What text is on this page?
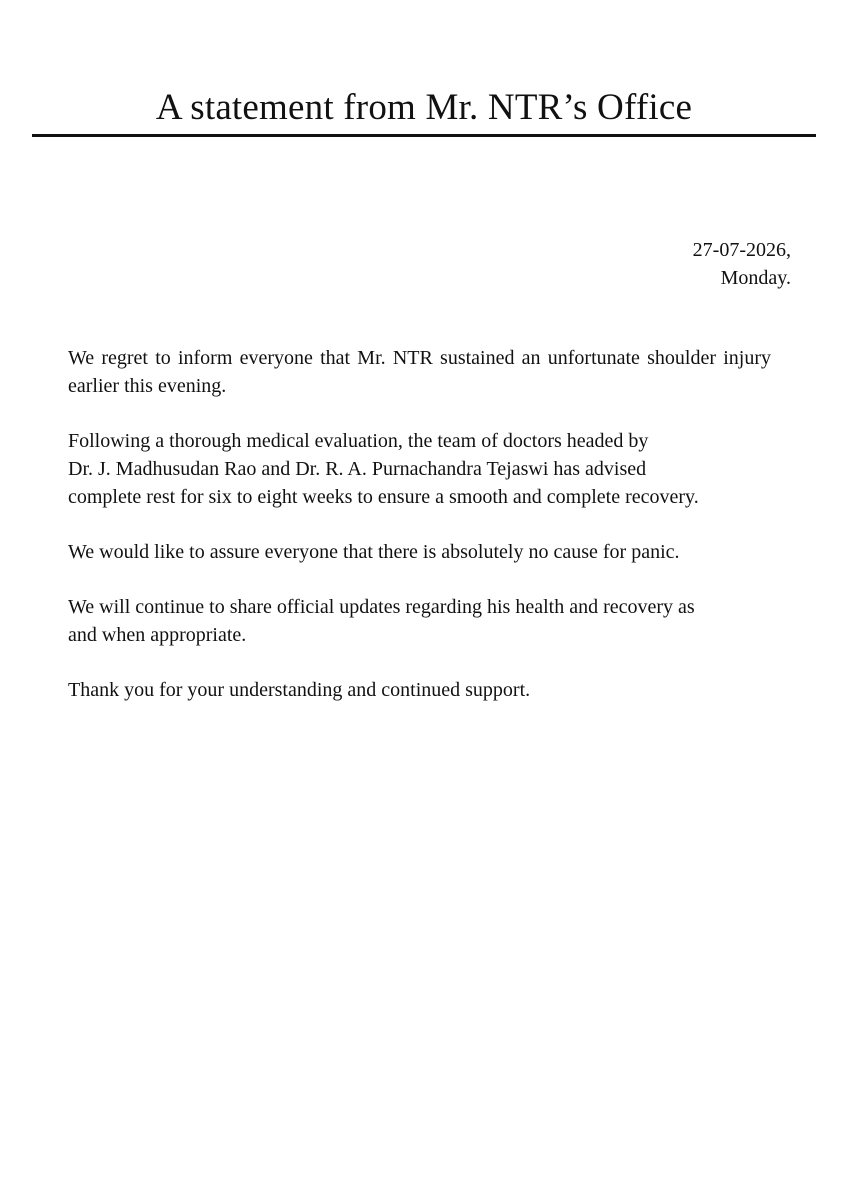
A statement from Mr. NTR’s Office
27-07-2026,
Monday.

We regret to inform everyone that Mr. NTR sustained an unfortunate shoulder injury earlier this evening.

Following a thorough medical evaluation, the team of doctors headed by
Dr. J. Madhusudan Rao and Dr. R. A. Purnachandra Tejaswi has advised
complete rest for six to eight weeks to ensure a smooth and complete recovery.

We would like to assure everyone that there is absolutely no cause for panic.

We will continue to share official updates regarding his health and recovery as
and when appropriate.

Thank you for your understanding and continued support.
